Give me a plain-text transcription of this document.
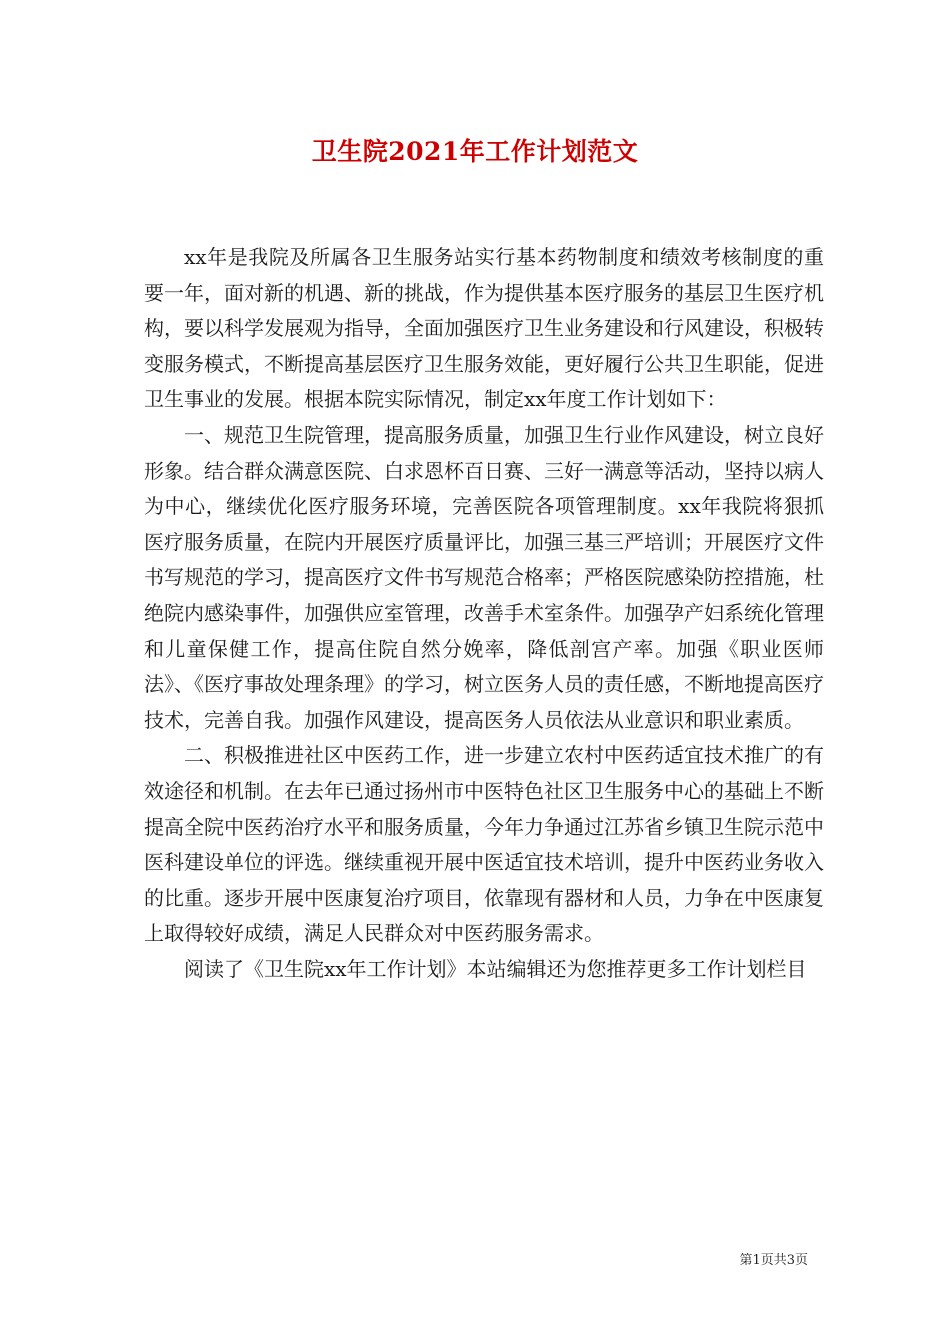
卫生院2021年工作计划范文

xx年是我院及所属各卫生服务站实行基本药物制度和绩效考核制度的重要一年，面对新的机遇、新的挑战，作为提供基本医疗服务的基层卫生医疗机构，要以科学发展观为指导，全面加强医疗卫生业务建设和行风建设，积极转变服务模式，不断提高基层医疗卫生服务效能，更好履行公共卫生职能，促进卫生事业的发展。根据本院实际情况，制定xx年度工作计划如下：

一、规范卫生院管理，提高服务质量，加强卫生行业作风建设，树立良好形象。结合群众满意医院、白求恩杯百日赛、三好一满意等活动，坚持以病人为中心，继续优化医疗服务环境，完善医院各项管理制度。xx年我院将狠抓医疗服务质量，在院内开展医疗质量评比，加强三基三严培训；开展医疗文件书写规范的学习，提高医疗文件书写规范合格率；严格医院感染防控措施，杜绝院内感染事件，加强供应室管理，改善手术室条件。加强孕产妇系统化管理和儿童保健工作，提高住院自然分娩率，降低剖宫产率。加强《职业医师法》、《医疗事故处理条理》的学习，树立医务人员的责任感，不断地提高医疗技术，完善自我。加强作风建设，提高医务人员依法从业意识和职业素质。

二、积极推进社区中医药工作，进一步建立农村中医药适宜技术推广的有效途径和机制。在去年已通过扬州市中医特色社区卫生服务中心的基础上不断提高全院中医药治疗水平和服务质量，今年力争通过江苏省乡镇卫生院示范中医科建设单位的评选。继续重视开展中医适宜技术培训，提升中医药业务收入的比重。逐步开展中医康复治疗项目，依靠现有器材和人员，力争在中医康复上取得较好成绩，满足人民群众对中医药服务需求。

阅读了《卫生院xx年工作计划》本站编辑还为您推荐更多工作计划栏目

第1页共3页
